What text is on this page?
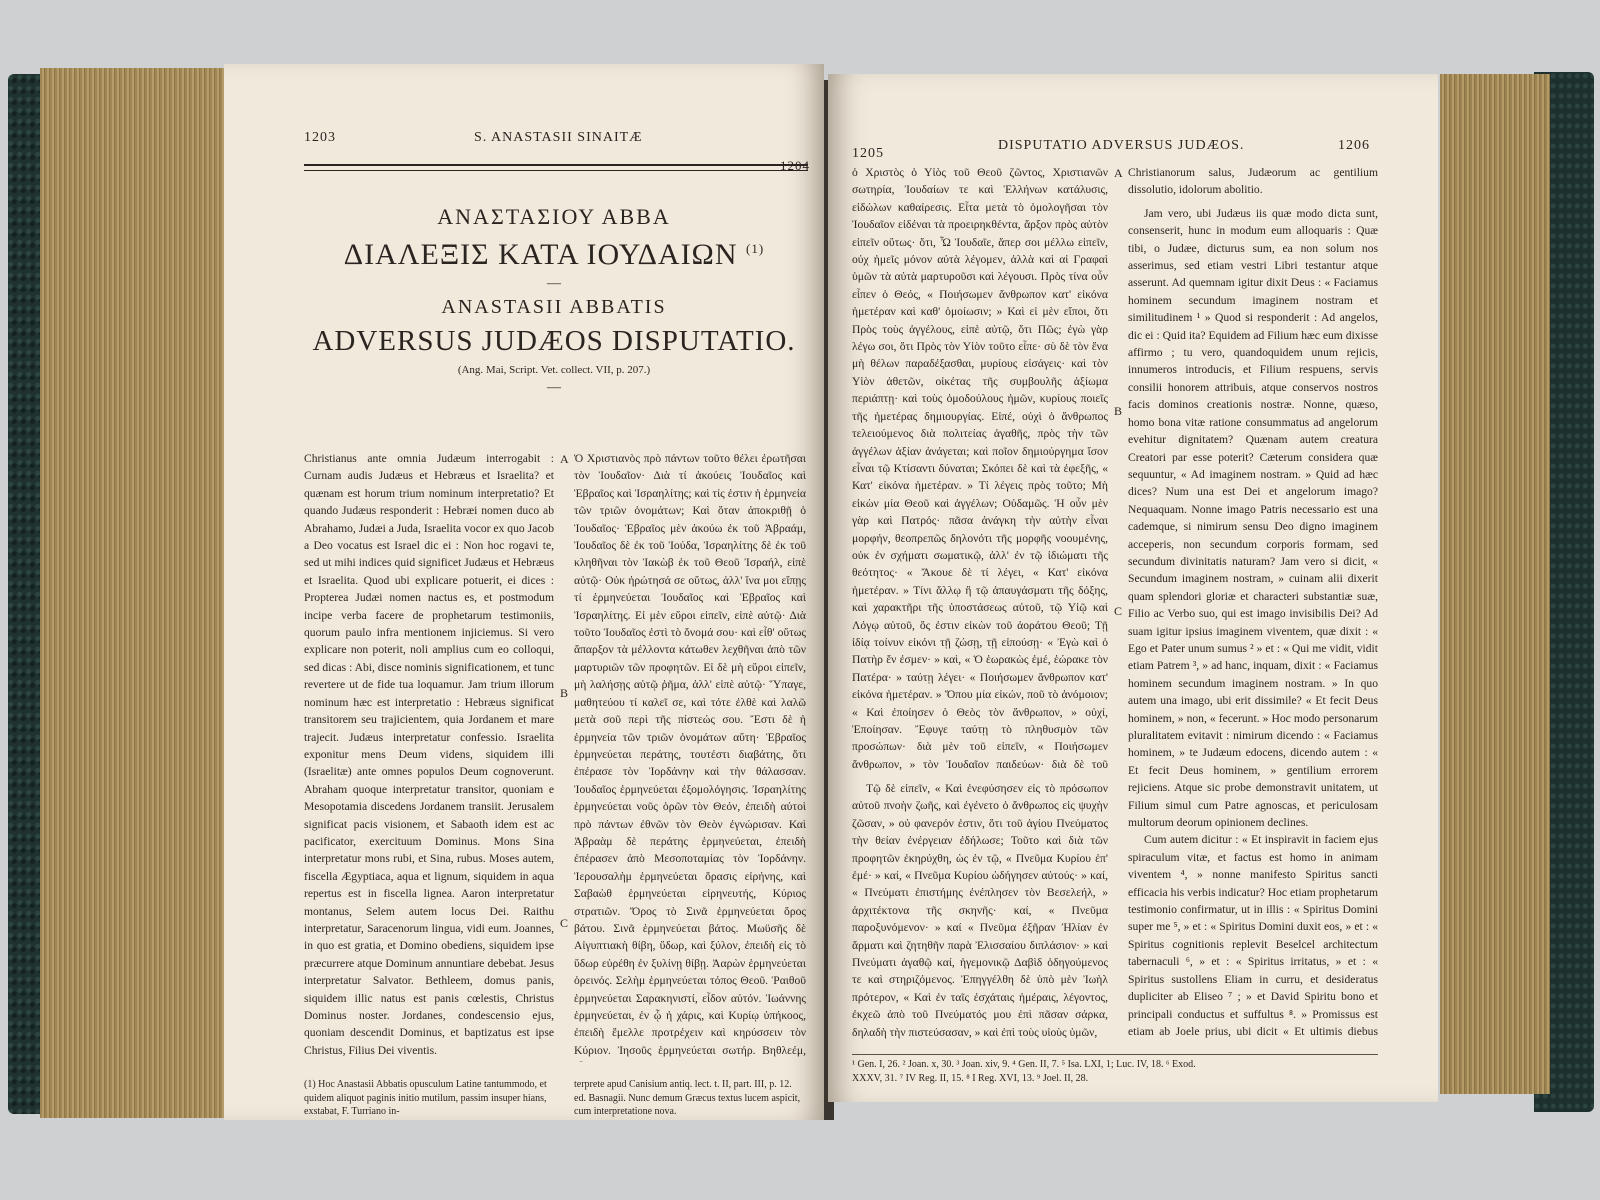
1203	S. ANASTASII SINAITÆ
1204
ΑΝΑΣΤΑΣΙΟΥ ΑΒΒΑ
ΔΙΑΛΕΞΙΣ ΚΑΤΑ ΙΟΥΔΑΙΩΝ $^{(1)}$
—
ANASTASII ABBATIS
ADVERSUS JUDÆOS DISPUTATIO.
(Ang. Mai, Script. Vet. collect. VII, p. 207.)
—

Christianus ante omnia Judæum interrogabit : Curnam audis Judæus et Hebræus et Israelita? et quænam est horum trium nominum interpretatio? Et quando Judæus responderit : Hebræi nomen duco ab Abrahamo, Judæi a Juda, Israelita vocor ex quo Jacob a Deo vocatus est Israel dic ei : Non hoc rogavi te, sed ut mihi indices quid significet Judæus et Hebræus et Israelita. Quod ubi explicare potuerit, ei dices : Propterea Judæi nomen nactus es, et postmodum incipe verba facere de prophetarum testimoniis, quorum paulo infra mentionem injiciemus. Si vero explicare non poterit, noli amplius cum eo colloqui, sed dicas : Abi, disce nominis significationem, et tunc revertere ut de fide tua loquamur. Jam trium illorum nominum hæc est interpretatio : Hebræus significat transitorem seu trajicientem, quia Jordanem et mare trajecit. Judæus interpretatur confessio. Israelita exponitur mens Deum videns, siquidem illi (Israelitæ) ante omnes populos Deum cognoverunt. Abraham quoque interpretatur transitor, quoniam e Mesopotamia discedens Jordanem transiit. Jerusalem significat pacis visionem, et Sabaoth idem est ac pacificator, exercituum Dominus. Mons Sina interpretatur mons rubi, et Sina, rubus. Moses autem, fiscella Ægyptiaca, aqua et lignum, siquidem in aqua repertus est in fiscella lignea. Aaron interpretatur montanus, Selem autem locus Dei. Raithu interpretatur, Saracenorum lingua, vidi eum. Joannes, in quo est gratia, et Domino obediens, siquidem ipse præcurrere atque Dominum annuntiare debebat. Jesus interpretatur Salvator. Bethleem, domus panis, siquidem illic natus est panis cœlestis, Christus Dominus noster. Jordanes, condescensio ejus, quoniam descendit Dominus, et baptizatus est ipse Christus, Filius Dei viventis.

A
B
C

Ὁ Χριστιανὸς πρὸ πάντων τοῦτο θέλει ἐρωτῆσαι τὸν Ἰουδαῖον· Διὰ τί ἀκούεις Ἰουδαῖος καὶ Ἑβραῖος καὶ Ἰσραηλίτης; καὶ τίς ἐστιν ἡ ἑρμηνεία τῶν τριῶν ὀνομάτων; Καὶ ὅταν ἀποκριθῇ ὁ Ἰουδαῖος· Ἑβραῖος μὲν ἀκούω ἐκ τοῦ Ἀβραάμ, Ἰουδαῖος δὲ ἐκ τοῦ Ἰούδα, Ἰσραηλίτης δὲ ἐκ τοῦ κληθῆναι τὸν Ἰακὼβ ἐκ τοῦ Θεοῦ Ἰσραήλ, εἰπὲ αὐτῷ· Οὐκ ἠρώτησά σε οὕτως, ἀλλ' ἵνα μοι εἴπῃς τί ἑρμηνεύεται Ἰουδαῖος καὶ Ἑβραῖος καὶ Ἰσραηλίτης. Εἰ μὲν εὕροι εἰπεῖν, εἰπὲ αὐτῷ· Διὰ τοῦτο Ἰουδαῖος ἐστὶ τὸ ὄνομά σου· καὶ εἶθ' οὕτως ἄπαρξον τὰ μέλλοντα κάτωθεν λεχθῆναι ἀπὸ τῶν μαρτυριῶν τῶν προφητῶν. Εἰ δὲ μὴ εὕροι εἰπεῖν, μὴ λαλήσῃς αὐτῷ ῥῆμα, ἀλλ' εἰπὲ αὐτῷ· Ὕπαγε, μαθητεύου τί καλεῖ σε, καὶ τότε ἐλθὲ καὶ λαλῶ μετὰ σοῦ περὶ τῆς πίστεώς σου. Ἔστι δὲ ἡ ἑρμηνεία τῶν τριῶν ὀνομάτων αὕτη· Ἑβραῖος ἑρμηνεύεται περάτης, τουτέστι διαβάτης, ὅτι ἐπέρασε τὸν Ἰορδάνην καὶ τὴν θάλασσαν. Ἰουδαῖος ἑρμηνεύεται ἐξομολόγησις. Ἰσραηλίτης ἑρμηνεύεται νοῦς ὁρῶν τὸν Θεόν, ἐπειδὴ αὐτοὶ πρὸ πάντων ἐθνῶν τὸν Θεὸν ἐγνώρισαν. Καὶ Ἀβραὰμ δὲ περάτης ἑρμηνεύεται, ἐπειδὴ ἐπέρασεν ἀπὸ Μεσοποταμίας τὸν Ἰορδάνην. Ἱερουσαλὴμ ἑρμηνεύεται ὅρασις εἰρήνης, καὶ Σαβαὼθ ἑρμηνεύεται εἰρηνευτής, Κύριος στρατιῶν. Ὄρος τὸ Σινᾶ ἑρμηνεύεται ὄρος βάτου. Σινᾶ ἑρμηνεύεται βάτος. Μωϋσῆς δὲ Αἰγυπτιακὴ θίβη, ὕδωρ, καὶ ξύλον, ἐπειδὴ εἰς τὸ ὕδωρ εὑρέθη ἐν ξυλίνῃ θίβῃ. Ἀαρὼν ἑρμηνεύεται ὀρεινός. Σελὴμ ἑρμηνεύεται τόπος Θεοῦ. Ῥαιθοῦ ἑρμηνεύεται Σαρακηνιστί, εἶδον αὐτόν. Ἰωάννης ἑρμηνεύεται, ἐν ᾧ ἡ χάρις, καὶ Κυρίῳ ὑπήκοος, ἐπειδὴ ἔμελλε προτρέχειν καὶ κηρύσσειν τὸν Κύριον. Ἰησοῦς ἑρμηνεύεται σωτήρ. Βηθλεέμ,

(1) Hoc Anastasii Abbatis opusculum Latine tantummodo, et quidem aliquot paginis initio mutilum, passim insuper hians, exstabat, F. Turriano in-
terprete apud Canisium antiq. lect. t. II, part. III, p. 12. ed. Basnagii. Nunc demum Græcus textus lucem aspicit, cum interpretatione nova.
1205
DISPUTATIO ADVERSUS JUDÆOS.	1206

ὁ Χριστὸς ὁ Υἱὸς τοῦ Θεοῦ ζῶντος, Χριστιανῶν σωτηρία, Ἰουδαίων τε καὶ Ἑλλήνων κατάλυσις, εἰδώλων καθαίρεσις. Εἶτα μετὰ τὸ ὁμολογῆσαι τὸν Ἰουδαῖον εἰδέναι τὰ προειρηκθέντα, ἄρξον πρὸς αὐτὸν εἰπεῖν οὕτως· ὅτι, Ὦ Ἰουδαῖε, ἅπερ σοι μέλλω εἰπεῖν, οὐχ ἡμεῖς μόνον αὐτὰ λέγομεν, ἀλλὰ καὶ αἱ Γραφαὶ ὑμῶν τὰ αὐτὰ μαρτυροῦσι καὶ λέγουσι. Πρὸς τίνα οὖν εἶπεν ὁ Θεός, « Ποιήσωμεν ἄνθρωπον κατ' εἰκόνα ἡμετέραν καὶ καθ' ὁμοίωσιν; » Καὶ εἰ μὲν εἴποι, ὅτι Πρὸς τοὺς ἀγγέλους, εἰπὲ αὐτῷ, ὅτι Πῶς; ἐγὼ γὰρ λέγω σοι, ὅτι Πρὸς τὸν Υἱὸν τοῦτο εἶπε· σὺ δὲ τὸν ἕνα μὴ θέλων παραδέξασθαι, μυρίους εἰσάγεις· καὶ τὸν Υἱὸν ἀθετῶν, οἰκέτας τῆς συμβουλῆς ἀξίωμα περιάπτῃ· καὶ τοὺς ὁμοδούλους ἡμῶν, κυρίους ποιεῖς τῆς ἡμετέρας δημιουργίας. Εἰπέ, οὐχὶ ὁ ἄνθρωπος τελειούμενος διὰ πολιτείας ἀγαθῆς, πρὸς τὴν τῶν ἀγγέλων ἀξίαν ἀνάγεται; καὶ ποῖον δημιούργημα ἴσον εἶναι τῷ Κτίσαντι δύναται; Σκόπει δὲ καὶ τὰ ἐφεξῆς, « Κατ' εἰκόνα ἡμετέραν. » Τί λέγεις πρὸς τοῦτο; Μὴ εἰκὼν μία Θεοῦ καὶ ἀγγέλων; Οὐδαμῶς. Ἡ οὖν μὲν γὰρ καὶ Πατρός· πᾶσα ἀνάγκη τὴν αὐτὴν εἶναι μορφήν, θεοπρεπῶς δηλονότι τῆς μορφῆς νοουμένης, οὐκ ἐν σχήματι σωματικῷ, ἀλλ' ἐν τῷ ἰδιώματι τῆς θεότητος· « Ἄκουε δὲ τί λέγει, « Κατ' εἰκόνα ἡμετέραν. » Τίνι ἄλλῳ ἢ τῷ ἀπαυγάσματι τῆς δόξης, καὶ χαρακτῆρι τῆς ὑποστάσεως αὐτοῦ, τῷ Υἱῷ καὶ Λόγῳ αὐτοῦ, ὅς ἐστιν εἰκὼν τοῦ ἀοράτου Θεοῦ; Τῇ ἰδίᾳ τοίνυν εἰκόνι τῇ ζώσῃ, τῇ εἰπούσῃ· « Ἐγὼ καὶ ὁ Πατὴρ ἕν ἐσμεν· » καὶ, « Ὁ ἑωρακὼς ἐμέ, ἑώρακε τὸν Πατέρα· » ταύτῃ λέγει· « Ποιήσωμεν ἄνθρωπον κατ' εἰκόνα ἡμετέραν. » Ὅπου μία εἰκών, ποῦ τὸ ἀνόμοιον; « Καὶ ἐποίησεν ὁ Θεὸς τὸν ἄνθρωπον, » οὐχί, Ἐποίησαν. Ἔφυγε ταύτῃ τὸ πληθυσμὸν τῶν προσώπων· διὰ μὲν τοῦ εἰπεῖν, « Ποιήσωμεν ἄνθρωπον, » τὸν Ἰουδαῖον παιδεύων· διὰ δὲ τοῦ

A
B
C

Christianorum salus, Judæorum ac gentilium dissolutio, idolorum abolitio.

Jam vero, ubi Judæus iis quæ modo dicta sunt, consenserit, hunc in modum eum alloquaris : Quæ tibi, o Judæe, dicturus sum, ea non solum nos asserimus, sed etiam vestri Libri testantur atque asserunt. Ad quemnam igitur dixit Deus : « Faciamus hominem secundum imaginem nostram et similitudinem ¹ » Quod si responderit : Ad angelos, dic ei : Quid ita? Equidem ad Filium hæc eum dixisse affirmo ; tu vero, quandoquidem unum rejicis, innumeros introducis, et Filium respuens, servis consilii honorem attribuis, atque conservos nostros facis dominos creationis nostræ. Nonne, quæso, homo bona vitæ ratione consummatus ad angelorum evehitur dignitatem? Quænam autem creatura Creatori par esse poterit? Cæterum considera quæ sequuntur, « Ad imaginem nostram. » Quid ad hæc dices? Num una est Dei et angelorum imago? Nequaquam. Nonne imago Patris necessario est una cademque, si nimirum sensu Deo digno imaginem acceperis, non secundum corporis formam, sed secundum divinitatis naturam? Jam vero si dicit, « Secundum imaginem nostram, » cuinam alii dixerit quam splendori gloriæ et characteri substantiæ suæ, Filio ac Verbo suo, qui est imago invisibilis Dei? Ad suam igitur ipsius imaginem viventem, quæ dixit : « Ego et Pater unum sumus ² » et : « Qui me vidit, vidit etiam Patrem ³, » ad hanc, inquam, dixit : « Faciamus hominem secundum imaginem nostram. » In quo autem una imago, ubi erit dissimile? « Et fecit Deus hominem, » non, « fecerunt. » Hoc modo personarum pluralitatem evitavit : nimirum dicendo : « Faciamus hominem, » te Judæum edocens, dicendo autem : « Et fecit Deus hominem, » gentilium errorem rejiciens. Atque sic probe demonstravit unitatem, ut Filium simul cum Patre agnoscas, et periculosam multorum deorum opinionem declines.

Cum autem dicitur : « Et inspiravit in faciem ejus spiraculum vitæ, et factus est homo in animam viventem ⁴, » nonne manifesto Spiritus sancti efficacia his verbis indicatur? Hoc etiam prophetarum testimonio confirmatur, ut in illis : « Spiritus Domini super me ⁵, » et : « Spiritus Domini duxit eos, » et : « Spiritus cognitionis replevit Beselcel architectum tabernaculi ⁶, » et : « Spiritus irritatus, » et : « Spiritus sustollens Eliam in curru, et desideratus dupliciter ab Eliseo ⁷ ; » et David Spiritu bono et principali conductus et suffultus ⁸. » Promissus est etiam ab Joele prius, ubi dicit « Et ultimis diebus

Τῷ δὲ εἰπεῖν, « Καὶ ἐνεφύσησεν εἰς τὸ πρόσωπον αὐτοῦ πνοὴν ζωῆς, καὶ ἐγένετο ὁ ἄνθρωπος εἰς ψυχὴν ζῶσαν, » οὐ φανερόν ἐστιν, ὅτι τοῦ ἁγίου Πνεύματος τὴν θείαν ἐνέργειαν ἐδήλωσε; Τοῦτο καὶ διὰ τῶν προφητῶν ἐκηρύχθη, ὡς ἐν τῷ, « Πνεῦμα Κυρίου ἐπ' ἐμέ· » καί, « Πνεῦμα Κυρίου ὡδήγησεν αὐτούς· » καί, « Πνεύματι ἐπιστήμης ἐνέπλησεν τὸν Βεσελεήλ, » ἀρχιτέκτονα τῆς σκηνῆς· καί, « Πνεῦμα παροξυνόμενον· » καί « Πνεῦμα ἐξῆραν Ἠλίαν ἐν ἅρματι καὶ ζητηθῆν παρὰ Ἐλισσαίου διπλάσιον· » καὶ Πνεύματι ἀγαθῷ καί, ἡγεμονικῷ Δαβὶδ ὁδηγούμενος τε καὶ στηριζόμενος. Ἐπηγγέλθη δὲ ὑπὸ μὲν Ἰωὴλ πρότερον, « Καὶ ἐν ταῖς ἐσχάταις ἡμέραις, λέγοντος, ἐκχεῶ ἀπὸ τοῦ Πνεύματός μου ἐπὶ πᾶσαν σάρκα, δηλαδὴ τὴν πιστεύσασαν, » καὶ ἐπὶ τοὺς υἱοὺς ὑμῶν,

¹ Gen. I, 26. ² Joan. x, 30. ³ Joan. xiv, 9. ⁴ Gen. II, 7. ⁵ Isa. LXI, 1; Luc. IV, 18. ⁶ Exod.
XXXV, 31. ⁷ IV Reg. II, 15. ⁸ I Reg. XVI, 13. ⁹ Joel. II, 28.
